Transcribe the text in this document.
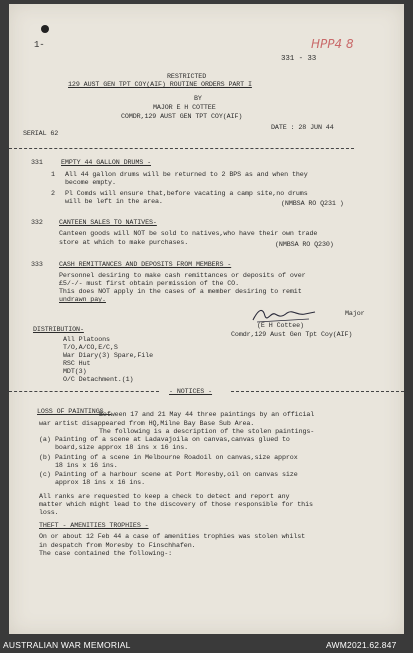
1-	HPP4 8
331 - 33
RESTRICTED
129 AUST GEN TPT COY(AIF) ROUTINE ORDERS PART I
BY
MAJOR E H COTTEE
COMDR,129 AUST GEN TPT COY(AIF)
DATE : 28 JUN 44
SERIAL 62
331	EMPTY 44 GALLON DRUMS -
1 All 44 gallon drums will be returned to 2 BPS as and when they
become empty.
2 Pl Comds will ensure that,before vacating a camp site,no drums
will be left in the area.	(NMBSA RO Q231 )
332 CANTEEN SALES TO NATIVES-
Canteen goods will NOT be sold to natives,who have their own trade
store at which to make purchases.	(NMBSA RO Q230)
333 CASH REMITTANCES AND DEPOSITS FROM MEMBERS -
Personnel desiring to make cash remittances or deposits of over
£5/-/- must first obtain permission of the CO.
This does NOT apply in the cases of a member desiring to remit
undrawn pay.
Major
(E H Cottee)
Comdr,129 Aust Gen Tpt Coy(AIF)
DISTRIBUTION-
All Platoons
T/O,A/CO,E/C,S
War Diary(3) Spare,File
RSC Hut
MDT(3)
O/C Detachment.(1)
- NOTICES -
LOSS OF PAINTINGS -
Between 17 and 21 May 44 three paintings by an official
war artist disappeared from HQ,Milne Bay Base Sub Area.
The following is a description of the stolen paintings-
(a) Painting of a scene at Ladavajoila on canvas,canvas glued to
board,size approx 18 ins x 16 ins.
(b) Painting of a scene in Melbourne Roadoil on canvas,size approx
18 ins x 16 ins.
(c) Painting of a harbour scene at Port Moresby,oil on canvas size
approx 18 ins x 16 ins.
All ranks are requested to keep a check to detect and report any
matter which might lead to the discovery of those responsible for this
loss.
THEFT - AMENITIES TROPHIES -
On or about 12 Feb 44 a case of amenities trophies was stolen whilst
in despatch from Moresby to Finschhafen.
The case contained the following-:
AUSTRALIAN WAR MEMORIAL	AWM2021.62.847
